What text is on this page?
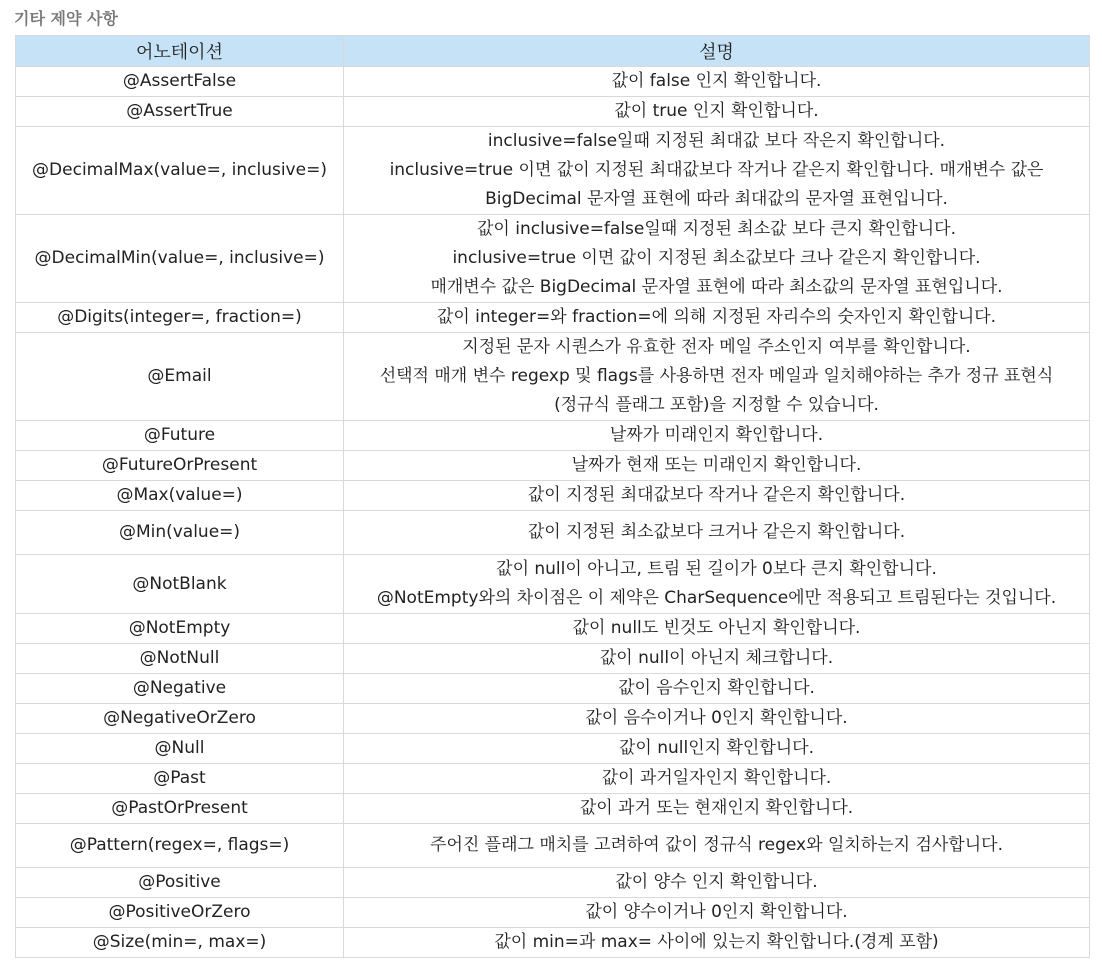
기타 제약 사항
어노테이션	설명
@AssertFalse	값이 false 인지 확인합니다.

@AssertTrue	값이 true 인지 확인합니다.

@DecimalMax(value=, inclusive=)	inclusive=false일때 지정된 최대값 보다 작은지 확인합니다.
inclusive=true 이면 값이 지정된 최대값보다 작거나 같은지 확인합니다. 매개변수 값은
BigDecimal 문자열 표현에 따라 최대값의 문자열 표현입니다.

@DecimalMin(value=, inclusive=)	값이 inclusive=false일때 지정된 최소값 보다 큰지 확인합니다.
inclusive=true 이면 값이 지정된 최소값보다 크나 같은지 확인합니다.
매개변수 값은 BigDecimal 문자열 표현에 따라 최소값의 문자열 표현입니다.

@Digits(integer=, fraction=)	값이 integer=와 fraction=에 의해 지정된 자리수의 숫자인지 확인합니다.

@Email	지정된 문자 시퀀스가 유효한 전자 메일 주소인지 여부를 확인합니다.
선택적 매개 변수 regexp 및 flags를 사용하면 전자 메일과 일치해야하는 추가 정규 표현식
(정규식 플래그 포함)을 지정할 수 있습니다.

@Future	날짜가 미래인지 확인합니다.

@FutureOrPresent	날짜가 현재 또는 미래인지 확인합니다.

@Max(value=)	값이 지정된 최대값보다 작거나 같은지 확인합니다.

@Min(value=)	값이 지정된 최소값보다 크거나 같은지 확인합니다.

@NotBlank	값이 null이 아니고, 트림 된 길이가 0보다 큰지 확인합니다.
@NotEmpty와의 차이점은 이 제약은 CharSequence에만 적용되고 트림된다는 것입니다.

@NotEmpty	값이 null도 빈것도 아닌지 확인합니다.

@NotNull	값이 null이 아닌지 체크합니다.

@Negative	값이 음수인지 확인합니다.

@NegativeOrZero	값이 음수이거나 0인지 확인합니다.

@Null	값이 null인지 확인합니다.

@Past	값이 과거일자인지 확인합니다.

@PastOrPresent	값이 과거 또는 현재인지 확인합니다.

@Pattern(regex=, flags=)	주어진 플래그 매치를 고려하여 값이 정규식 regex와 일치하는지 검사합니다.

@Positive	값이 양수 인지 확인합니다.

@PositiveOrZero	값이 양수이거나 0인지 확인합니다.

@Size(min=, max=)	값이 min=과 max= 사이에 있는지 확인합니다.(경계 포함)
